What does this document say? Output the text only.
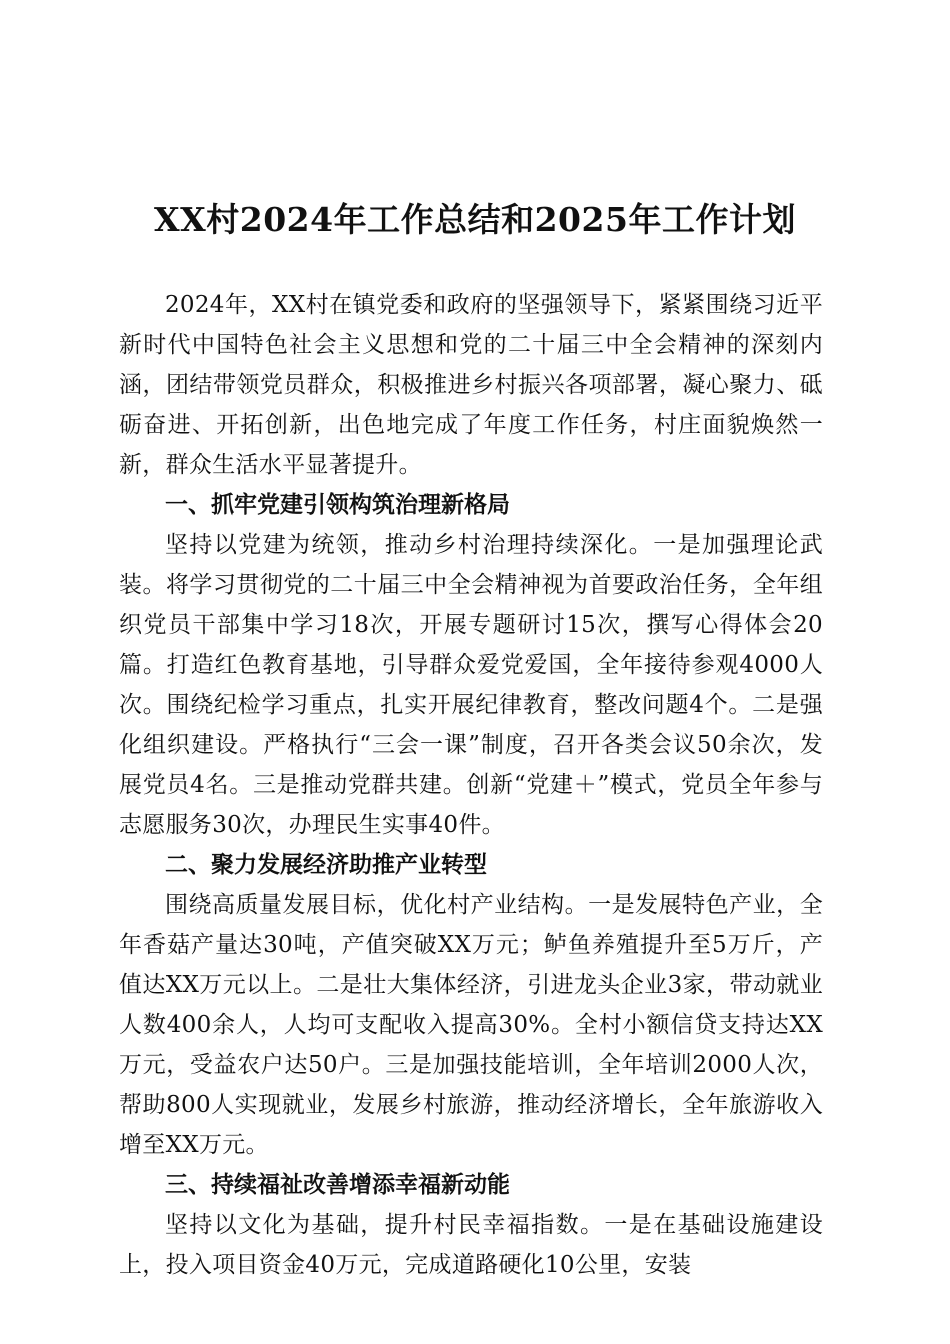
XX村2024年工作总结和2025年工作计划

2024年，XX村在镇党委和政府的坚强领导下，紧紧围绕习近平新时代中国特色社会主义思想和党的二十届三中全会精神的深刻内涵，团结带领党员群众，积极推进乡村振兴各项部署，凝心聚力、砥砺奋进、开拓创新，出色地完成了年度工作任务，村庄面貌焕然一新，群众生活水平显著提升。

一、抓牢党建引领构筑治理新格局

坚持以党建为统领，推动乡村治理持续深化。一是加强理论武装。将学习贯彻党的二十届三中全会精神视为首要政治任务，全年组织党员干部集中学习18次，开展专题研讨15次，撰写心得体会20篇。打造红色教育基地，引导群众爱党爱国，全年接待参观4000人次。围绕纪检学习重点，扎实开展纪律教育，整改问题4个。二是强化组织建设。严格执行“三会一课”制度，召开各类会议50余次，发展党员4名。三是推动党群共建。创新“党建＋”模式，党员全年参与志愿服务30次，办理民生实事40件。

二、聚力发展经济助推产业转型

围绕高质量发展目标，优化村产业结构。一是发展特色产业，全年香菇产量达30吨，产值突破XX万元；鲈鱼养殖提升至5万斤，产值达XX万元以上。二是壮大集体经济，引进龙头企业3家，带动就业人数400余人，人均可支配收入提高30%。全村小额信贷支持达XX万元，受益农户达50户。三是加强技能培训，全年培训2000人次，帮助800人实现就业，发展乡村旅游，推动经济增长，全年旅游收入增至XX万元。

三、持续福祉改善增添幸福新动能

坚持以文化为基础，提升村民幸福指数。一是在基础设施建设上，投入项目资金40万元，完成道路硬化10公里，安装
